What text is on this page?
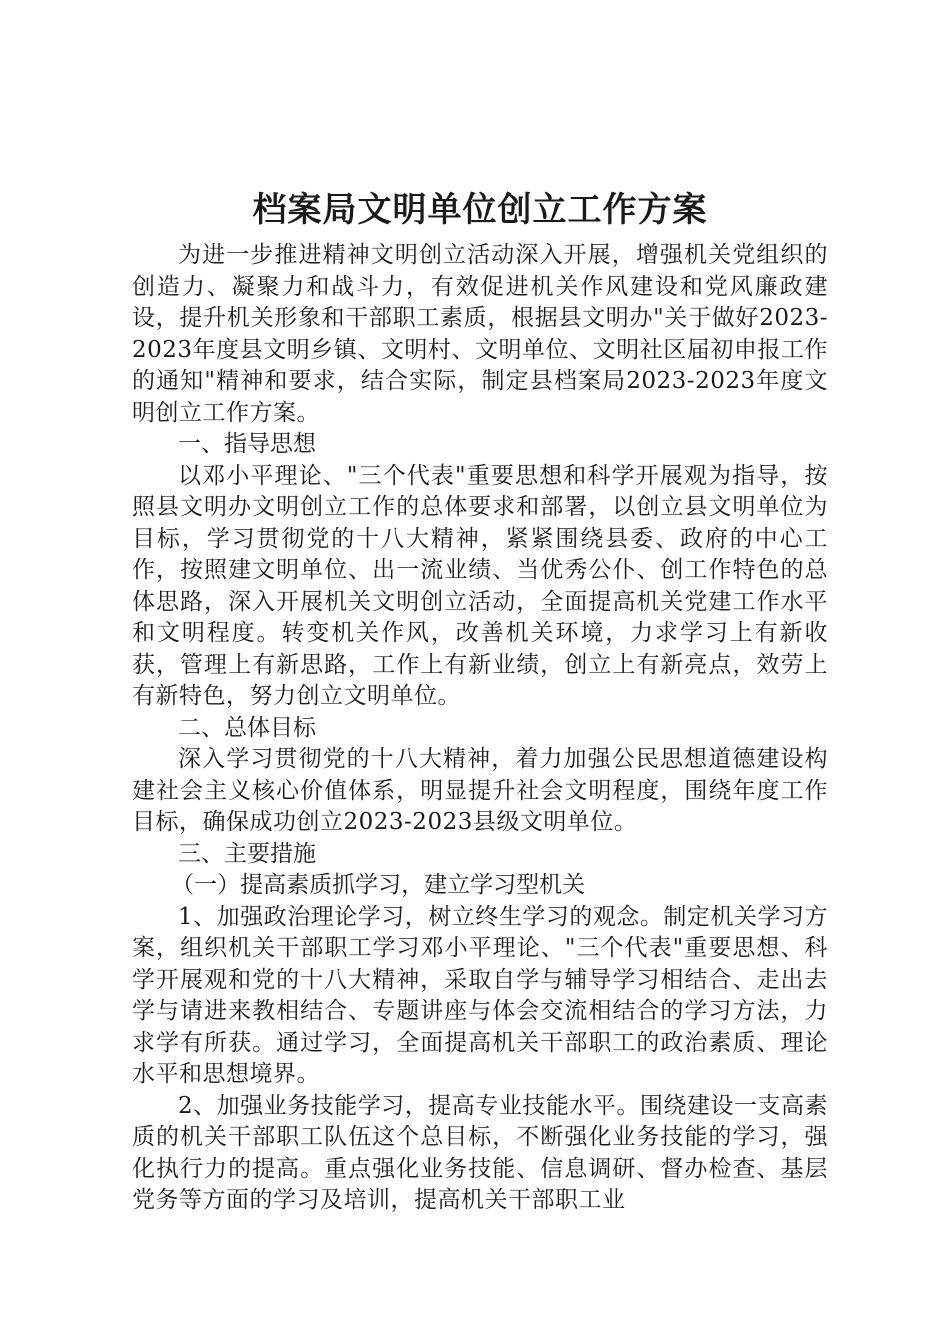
档案局文明单位创立工作方案

为进一步推进精神文明创立活动深入开展，增强机关党组织的创造力、凝聚力和战斗力，有效促进机关作风建设和党风廉政建设，提升机关形象和干部职工素质，根据县文明办"关于做好2023-2023年度县文明乡镇、文明村、文明单位、文明社区届初申报工作的通知"精神和要求，结合实际，制定县档案局2023-2023年度文明创立工作方案。

一、指导思想

以邓小平理论、"三个代表"重要思想和科学开展观为指导，按照县文明办文明创立工作的总体要求和部署，以创立县文明单位为目标，学习贯彻党的十八大精神，紧紧围绕县委、政府的中心工作，按照建文明单位、出一流业绩、当优秀公仆、创工作特色的总体思路，深入开展机关文明创立活动，全面提高机关党建工作水平和文明程度。转变机关作风，改善机关环境，力求学习上有新收获，管理上有新思路，工作上有新业绩，创立上有新亮点，效劳上有新特色，努力创立文明单位。

二、总体目标

深入学习贯彻党的十八大精神，着力加强公民思想道德建设构建社会主义核心价值体系，明显提升社会文明程度，围绕年度工作目标，确保成功创立2023-2023县级文明单位。

三、主要措施

（一）提高素质抓学习，建立学习型机关

1、加强政治理论学习，树立终生学习的观念。制定机关学习方案，组织机关干部职工学习邓小平理论、"三个代表"重要思想、科学开展观和党的十八大精神，采取自学与辅导学习相结合、走出去学与请进来教相结合、专题讲座与体会交流相结合的学习方法，力求学有所获。通过学习，全面提高机关干部职工的政治素质、理论水平和思想境界。

2、加强业务技能学习，提高专业技能水平。围绕建设一支高素质的机关干部职工队伍这个总目标，不断强化业务技能的学习，强化执行力的提高。重点强化业务技能、信息调研、督办检查、基层党务等方面的学习及培训，提高机关干部职工业
